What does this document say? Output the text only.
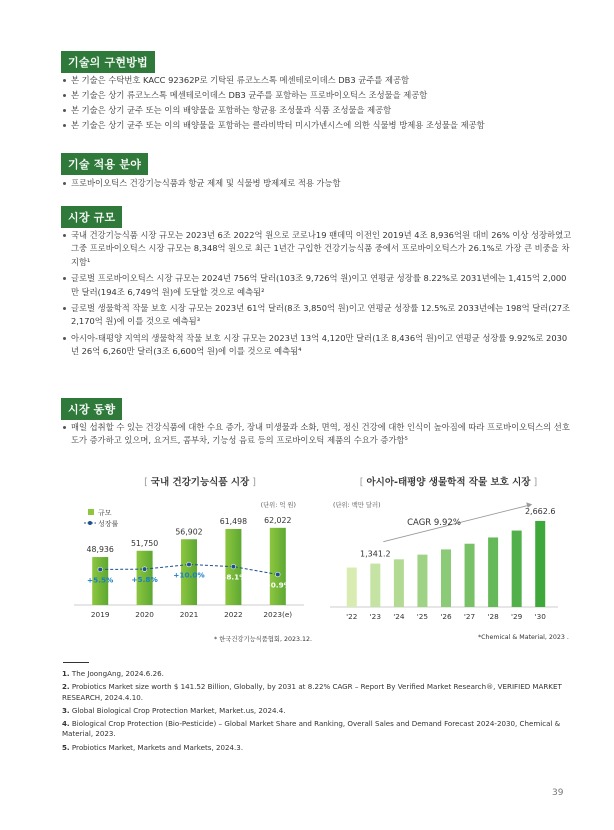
기술의 구현방법
본 기술은 수탁번호 KACC 92362P로 기탁된 류코노스톡 메센테로이데스 DB3 균주를 제공함
본 기술은 상기 류코노스톡 메센테로이데스 DB3 균주를 포함하는 프로바이오틱스 조성물을 제공함
본 기술은 상기 균주 또는 이의 배양물을 포함하는 항균용 조성물과 식품 조성물을 제공함
본 기술은 상기 균주 또는 이의 배양물을 포함하는 클라비박터 미시가넨시스에 의한 식물병 방제용 조성물을 제공함
기술 적용 분야
프로바이오틱스 건강기능식품과 항균 제제 및 식물병 방제제로 적용 가능함
시장 규모
국내 건강기능식품 시장 규모는 2023년 6조 2022억 원으로 코로나19 팬데믹 이전인 2019년 4조 8,936억원 대비 26% 이상 성장하였고 그중 프로바이오틱스 시장 규모는 8,348억 원으로 최근 1년간 구입한 건강기능식품 중에서 프로바이오틱스가 26.1%로 가장 큰 비중을 차지함¹
글로벌 프로바이오틱스 시장 규모는 2024년 756억 달러(103조 9,726억 원)이고 연평균 성장률 8.22%로 2031년에는 1,415억 2,000만 달러(194조 6,749억 원)에 도달할 것으로 예측됨²
글로벌 생물학적 작물 보호 시장 규모는 2023년 61억 달러(8조 3,850억 원)이고 연평균 성장률 12.5%로 2033년에는 198억 달러(27조 2,170억 원)에 이를 것으로 예측됨³
아시아-태평양 지역의 생물학적 작물 보호 시장 규모는 2023년 13억 4,120만 달러(1조 8,436억 원)이고 연평균 성장률 9.92%로 2030년 26억 6,260만 달러(3조 6,600억 원)에 이를 것으로 예측됨⁴
시장 동향
매일 섭취할 수 있는 건강식품에 대한 수요 증가, 장내 미생물과 소화, 면역, 정신 건강에 대한 인식이 높아짐에 따라 프로바이오틱스의 선호도가 증가하고 있으며, 요거트, 콤부차, 기능성 음료 등의 프로바이오틱 제품의 수요가 증가함⁵
[ 국내 건강기능식품 시장 ]
(단위: 억 원)
규모
성장률
48,936
2019
51,750
2020
56,902
2021
61,498
2022
62,022
2023(e)
+5.5% +5.8%
+10.0% +8.1%
+0.9%
* 한국건강기능식품협회, 2023.12.
[ 아시아-태평양 생물학적 작물 보호 시장 ]
(단위: 백만 달러)
'22 '23
1,341.2
'24 '25 '26 '27 '28 '29 '30
2,662.6
CAGR 9.92%
*Chemical & Material, 2023 .
1. The JoongAng, 2024.6.26.
2. Probiotics Market size worth $ 141.52 Billion, Globally, by 2031 at 8.22% CAGR – Report By Verified Market Research®, VERIFIED MARKET RESEARCH, 2024.4.10.
3. Global Biological Crop Protection Market, Market.us, 2024.4.
4. Biological Crop Protection (Bio-Pesticide) – Global Market Share and Ranking, Overall Sales and Demand Forecast 2024-2030, Chemical & Material, 2023.
5. Probiotics Market, Markets and Markets, 2024.3.
39
